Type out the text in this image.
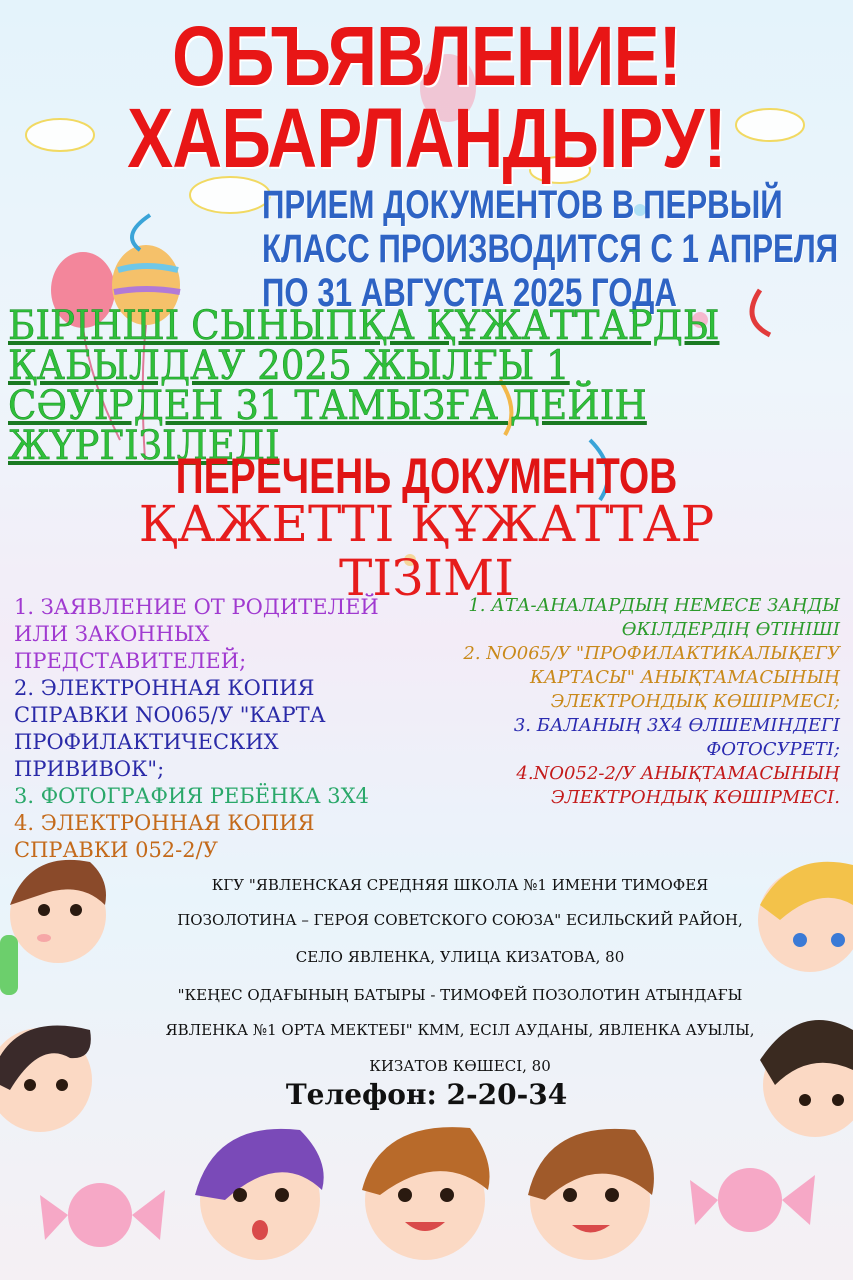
ОБЪЯВЛЕНИЕ!
ХАБАРЛАНДЫРУ!
ПРИЕМ ДОКУМЕНТОВ В ПЕРВЫЙ
КЛАСС ПРОИЗВОДИТСЯ С 1 АПРЕЛЯ
ПО 31 АВГУСТА 2025 ГОДА
БІРІНШІ СЫНЫПҚА ҚҰЖАТТАРДЫ
ҚАБЫЛДАУ 2025 ЖЫЛҒЫ 1
СӘУІРДЕН 31 ТАМЫЗҒА ДЕЙІН
ЖҮРГІЗІЛЕДІ
ПЕРЕЧЕНЬ ДОКУМЕНТОВ
ҚАЖЕТТІ ҚҰЖАТТАР
ТІЗІМІ
1. ЗАЯВЛЕНИЕ ОТ РОДИТЕЛЕЙ
ИЛИ ЗАКОННЫХ
ПРЕДСТАВИТЕЛЕЙ;
2. ЭЛЕКТРОННАЯ КОПИЯ
СПРАВКИ NO065/У "КАРТА
ПРОФИЛАКТИЧЕСКИХ
ПРИВИВОК";
3. ФОТОГРАФИЯ РЕБЁНКА 3Х4
4. ЭЛЕКТРОННАЯ КОПИЯ
СПРАВКИ 052-2/У
1. АТА-АНАЛАРДЫҢ НЕМЕСЕ ЗАҢДЫ
ӨКІЛДЕРДІҢ ӨТІНІШІ
2. NO065/У "ПРОФИЛАКТИКАЛЫҚЕГУ
КАРТАСЫ" АНЫҚТАМАСЫНЫҢ
ЭЛЕКТРОНДЫҚ КӨШІРМЕСІ;
3. БАЛАНЫҢ 3Х4 ӨЛШЕМІНДЕГІ
ФОТОСУРЕТІ;
4.NO052-2/У АНЫҚТАМАСЫНЫҢ
ЭЛЕКТРОНДЫҚ КӨШІРМЕСІ.
КГУ "ЯВЛЕНСКАЯ СРЕДНЯЯ ШКОЛА №1 ИМЕНИ ТИМОФЕЯ
ПОЗОЛОТИНА – ГЕРОЯ СОВЕТСКОГО СОЮЗА" ЕСИЛЬСКИЙ РАЙОН,
СЕЛО ЯВЛЕНКА, УЛИЦА КИЗАТОВА, 80
"КЕҢЕС ОДАҒЫНЫҢ БАТЫРЫ - ТИМОФЕЙ ПОЗОЛОТИН АТЫНДАҒЫ
ЯВЛЕНКА №1 ОРТА МЕКТЕБІ" КММ, ЕСІЛ АУДАНЫ, ЯВЛЕНКА АУЫЛЫ,
КИЗАТОВ КӨШЕСІ, 80
Телефон: 2-20-34
